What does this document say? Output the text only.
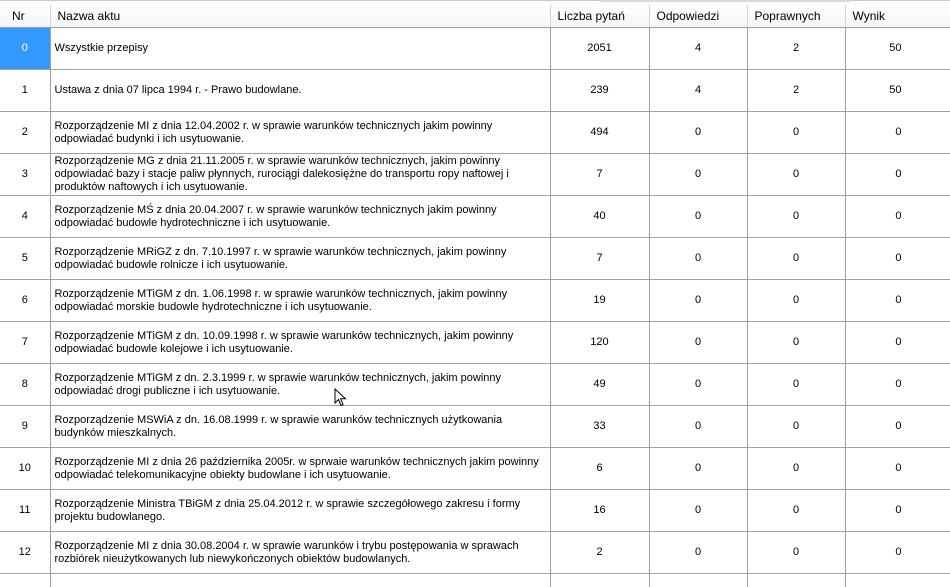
Nr	Nazwa aktu	Liczba pytań	Odpowiedzi	Poprawnych	Wynik
0	Wszystkie przepisy	2051	4	2	50
1	Ustawa z dnia 07 lipca 1994 r. - Prawo budowlane.	239	4	2	50
2	Rozporządzenie MI z dnia 12.04.2002 r. w sprawie warunków technicznych jakim powinny odpowiadać budynki i ich usytuowanie.	494	0	0	0
3	Rozporządzenie MG z dnia 21.11.2005 r. w sprawie warunków technicznych, jakim powinny odpowiadać bazy i stacje paliw płynnych, rurociągi dalekosiężne do transportu ropy naftowej i produktów naftowych i ich usytuowanie.	7	0	0	0
4	Rozporządzenie MŚ z dnia 20.04.2007 r. w sprawie warunków technicznych jakim powinny odpowiadać budowle hydrotechniczne i ich usytuowanie.	40	0	0	0
5	Rozporządzenie MRiGZ z dn. 7.10.1997 r. w sprawie warunków technicznych, jakim powinny odpowiadać budowle rolnicze i ich usytuowanie.	7	0	0	0
6	Rozporządzenie MTiGM z dn. 1.06.1998 r. w sprawie warunków technicznych, jakim powinny odpowiadać morskie budowle hydrotechniczne i ich usytuowanie.	19	0	0	0
7	Rozporządzenie MTiGM z dn. 10.09.1998 r. w sprawie warunków technicznych, jakim powinny odpowiadać budowle kolejowe i ich usytuowanie.	120	0	0	0
8	Rozporządzenie MTiGM z dn. 2.3.1999 r. w sprawie warunków technicznych, jakim powinny odpowiadać drogi publiczne i ich usytuowanie.	49	0	0	0
9	Rozporządzenie MSWiA z dn. 16.08.1999 r. w sprawie warunków technicznych użytkowania budynków mieszkalnych.	33	0	0	0
10	Rozporządzenie MI z dnia 26 października 2005r. w sprwaie warunków technicznych jakim powinny odpowiadać telekomunikacyjne obiekty budowlane i ich usytuowanie.	6	0	0	0
11	Rozporządzenie Ministra TBiGM z dnia 25.04.2012 r. w sprawie szczegółowego zakresu i formy projektu budowlanego.	16	0	0	0
12	Rozporządzenie MI z dnia 30.08.2004 r. w sprawie warunków i trybu postępowania w sprawach rozbiórek nieużytkowanych lub niewykończonych obiektów budowlanych.	2	0	0	0
